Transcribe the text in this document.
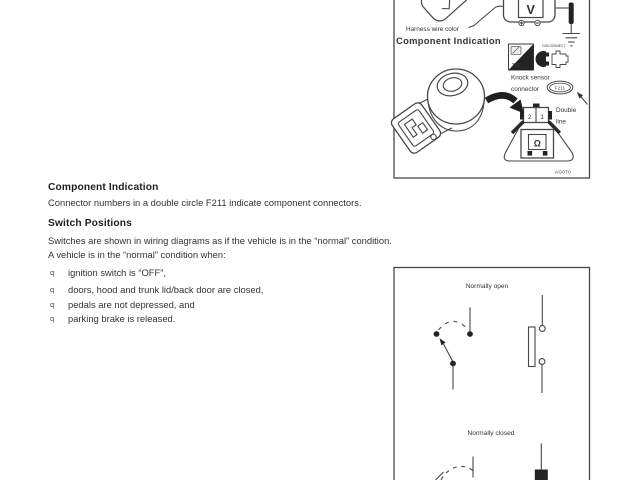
Component Indication
Connector numbers in a double circle F211 indicate component connectors.
Switch Positions
Switches are shown in wiring diagrams as if the vehicle is in the “normal” condition.
A vehicle is in the “normal” condition when:
q ignition switch is “OFF”,
q doors, hood and trunk lid/back door are closed,
q pedals are not depressed, and
q parking brake is released.
Harness wire color
Component Indication
V
T.S.
DISCONNECT
Knock sensor
connector	F211
Double
line
2 1
Ω
AG070
Normally open
Normally closed
